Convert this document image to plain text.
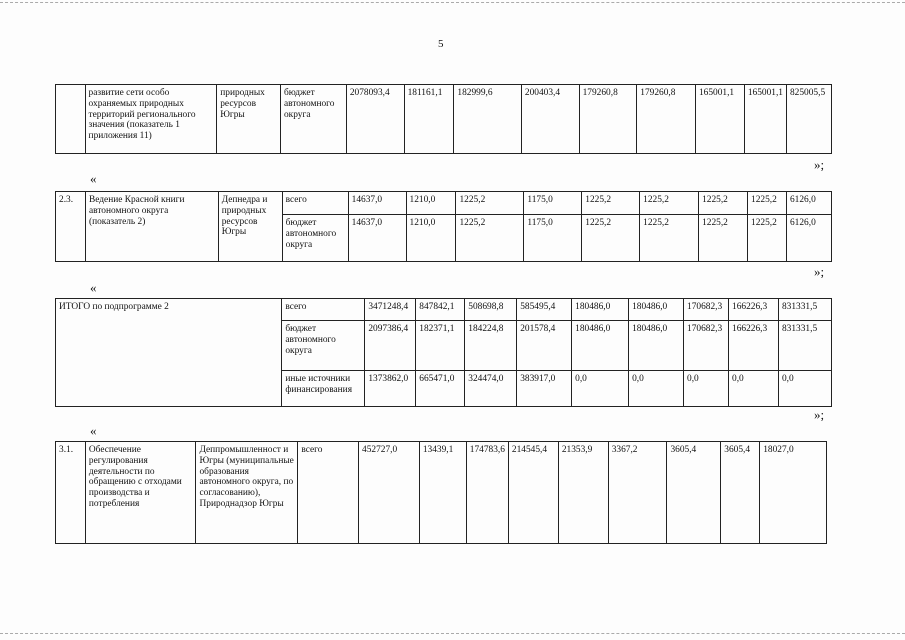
5
	развитие сети особо охраняемых природных территорий регионального значения (показатель 1 приложения 11)	природных ресурсов Югры	бюджет автономного округа	2078093,4	181161,1	182999,6	200403,4	179260,8	179260,8	165001,1	165001,1	825005,5
»;
«
2.3.	Ведение Красной книги автономного округа (показатель 2)	Депнедра и природных ресурсов Югры	всего	14637,0	1210,0	1225,2	1175,0	1225,2	1225,2	1225,2	1225,2	6126,0
			бюджет автономного округа	14637,0	1210,0	1225,2	1175,0	1225,2	1225,2	1225,2	1225,2	6126,0
»;
«
ИТОГО по подпрограмме 2	всего	3471248,4	847842,1	508698,8	585495,4	180486,0	180486,0	170682,3	166226,3	831331,5
	бюджет автономного округа	2097386,4	182371,1	184224,8	201578,4	180486,0	180486,0	170682,3	166226,3	831331,5
	иные источники финансирования	1373862,0	665471,0	324474,0	383917,0	0,0	0,0	0,0	0,0	0,0
»;
«
3.1.	Обеспечение регулирования деятельности по обращению с отходами производства и потребления	Деппромышленност и Югры (муниципальные образования автономного округа, по согласованию), Природнадзор Югры	всего	452727,0	13439,1	174783,6	214545,4	21353,9	3367,2	3605,4	3605,4	18027,0
